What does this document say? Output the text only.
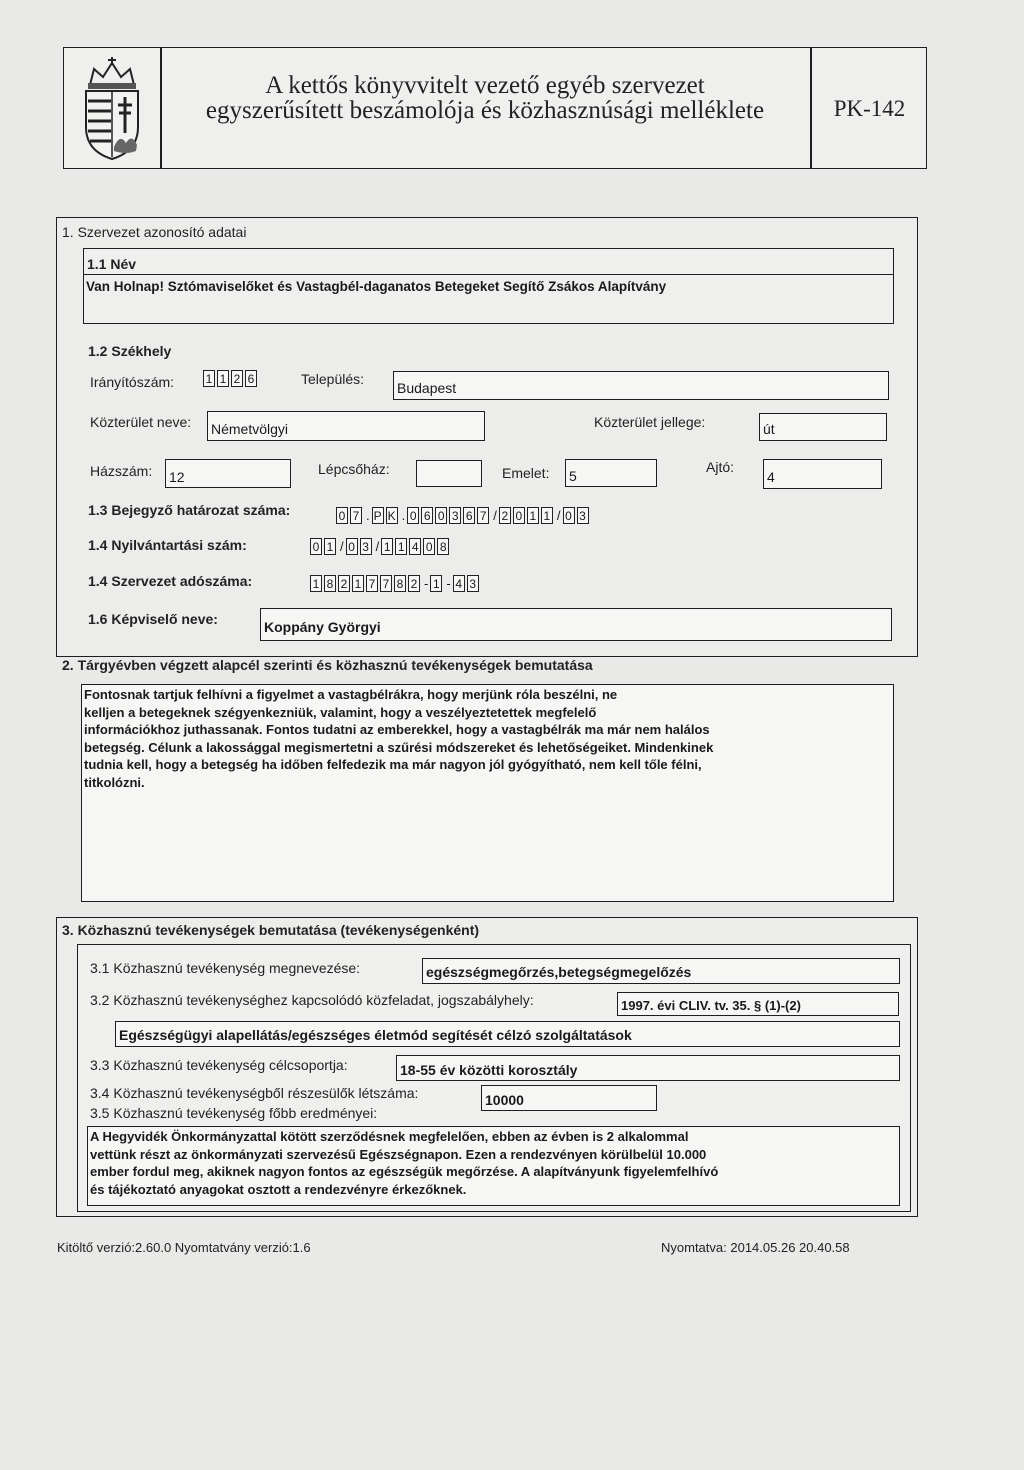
A kettős könyvvitelt vezető egyéb szervezet
egyszerűsített beszámolója és közhasznúsági melléklete	PK-142
1. Szervezet azonosító adatai
1.1 Név
Van Holnap! Sztómaviselőket és Vastagbél-daganatos Betegeket Segítő Zsákos Alapítvány
1.2 Székhely
Irányítószám:	1 1 2 6	Település:
Budapest
Közterület neve: Németvölgyi	Közterület jellege:	út
Házszám: 12	Lépcsőház:	Emelet: 5
Ajtó:
4
1.3 Bejegyző határozat száma:	0 7 . P K . 0 6 0 3 6 7 / 2 0 1 1 / 0 3
1.4 Nyilvántartási szám:	0 1 / 0 3 / 1 1 4 0 8
1.4 Szervezet adószáma:	1 8 2 1 7 7 8 2 - 1 - 4 3
1.6 Képviselő neve:	Koppány Györgyi
2. Tárgyévben végzett alapcél szerinti és közhasznú tevékenységek bemutatása
Fontosnak tartjuk felhívni a figyelmet a vastagbélrákra, hogy merjünk róla beszélni, ne
kelljen a betegeknek szégyenkezniük, valamint, hogy a veszélyeztetettek megfelelő
információkhoz juthassanak. Fontos tudatni az emberekkel, hogy a vastagbélrák ma már nem halálos
betegség. Célunk a lakossággal megismertetni a szűrési módszereket és lehetőségeiket. Mindenkinek
tudnia kell, hogy a betegség ha időben felfedezik ma már nagyon jól gyógyítható, nem kell tőle félni,
titkolózni.
3. Közhasznú tevékenységek bemutatása (tevékenységenként)
3.1 Közhasznú tevékenység megnevezése:	egészségmegőrzés,betegségmegelőzés
3.2 Közhasznú tevékenységhez kapcsolódó közfeladat, jogszabályhely:	1997. évi CLIV. tv. 35. § (1)-(2)
Egészségügyi alapellátás/egészséges életmód segítését célzó szolgáltatások
3.3 Közhasznú tevékenység célcsoportja:	18-55 év közötti korosztály
3.4 Közhasznú tevékenységből részesülők létszáma:	10000
3.5 Közhasznú tevékenység főbb eredményei:
A Hegyvidék Önkormányzattal kötött szerződésnek megfelelően, ebben az évben is 2 alkalommal
vettünk részt az önkormányzati szervezésű Egészségnapon. Ezen a rendezvényen körülbelül 10.000
ember fordul meg, akiknek nagyon fontos az egészségük megőrzése. A alapítványunk figyelemfelhívó
és tájékoztató anyagokat osztott a rendezvényre érkezőknek.
Kitöltő verzió:2.60.0 Nyomtatvány verzió:1.6	Nyomtatva: 2014.05.26 20.40.58
